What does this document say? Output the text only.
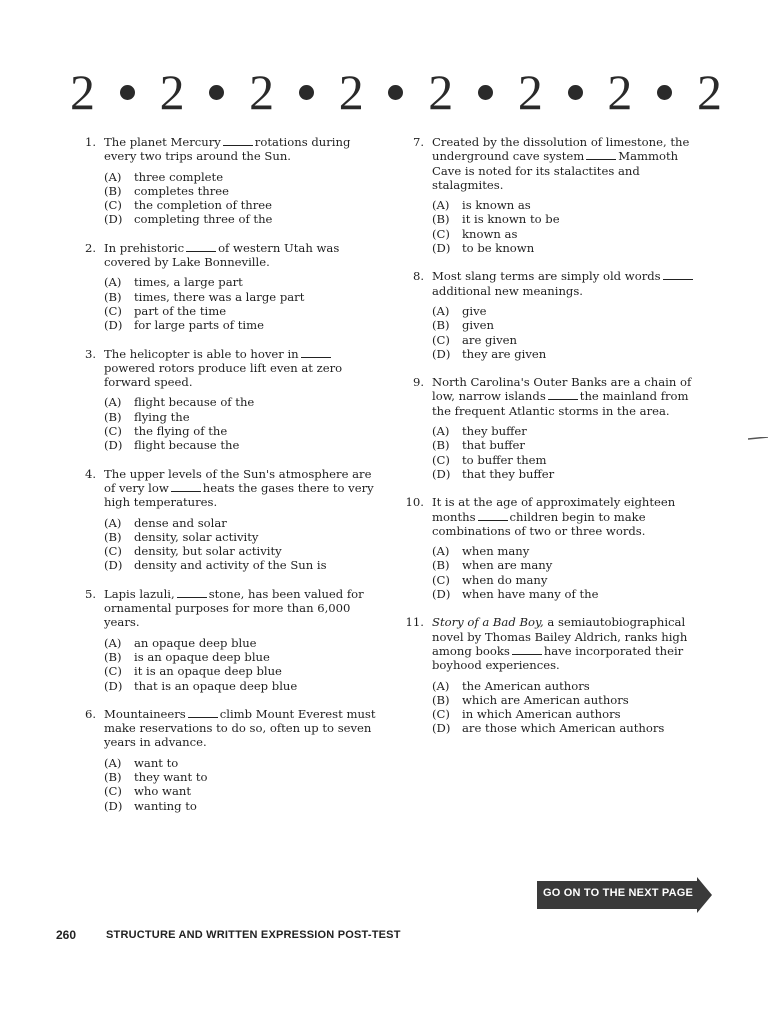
2 2 2 2 2 2 2 2
1. The planet Mercury	rotations during every two trips around the Sun.
(A)	three complete
(B)	completes three
(C)	the completion of three
(D)	completing three of the
2. In prehistoric	of western Utah was covered by Lake Bonneville.
(A)	times, a large part
(B)	times, there was a large part
(C)	part of the time
(D)	for large parts of time
3. The helicopter is able to hover inpowered rotors produce lift even at zero forward speed.
(A)	flight because of the
(B)	flying the
(C)	the flying of the
(D)	flight because the
4. The upper levels of the Sun's atmosphere are of very low	heats the gases there to very high temperatures.
(A)	dense and solar
(B)	density, solar activity
(C)	density, but solar activity
(D)	density and activity of the Sun is
5. Lapis lazuli,	stone, has been valued for ornamental purposes for more than 6,000 years.
(A)	an opaque deep blue
(B)	is an opaque deep blue
(C)	it is an opaque deep blue
(D)	that is an opaque deep blue
6. Mountaineers	climb Mount Everest must make reservations to do so, often up to seven years in advance.
(A)	want to
(B)	they want to
(C)	who want
(D)	wanting to
7. Created by the dissolution of limestone, the underground cave system	Mammoth Cave is noted for its stalactites and stalagmites.
(A)	is known as
(B)	it is known to be
(C)	known as
(D)	to be known
8. Most slang terms are simply old wordsadditional new meanings.
(A)	give
(B)	given
(C)	are given
(D)	they are given
9. North Carolina's Outer Banks are a chain of low, narrow islands	the mainland from the frequent Atlantic storms in the area.
(A)	they buffer
(B)	that buffer
(C)	to buffer them
(D)	that they buffer
10. It is at the age of approximately eighteen months	children begin to make combinations of two or three words.
(A)	when many
(B)	when are many
(C)	when do many
(D)	when have many of the
11. Story of a Bad Boy, a semiautobiographical novel by Thomas Bailey Aldrich, ranks high among books	have incorporated their boyhood experiences.
(A)	the American authors
(B)	which are American authors
(C)	in which American authors
(D)	are those which American authors
GO ON TO THE NEXT PAGE
260	STRUCTURE AND WRITTEN EXPRESSION POST-TEST
